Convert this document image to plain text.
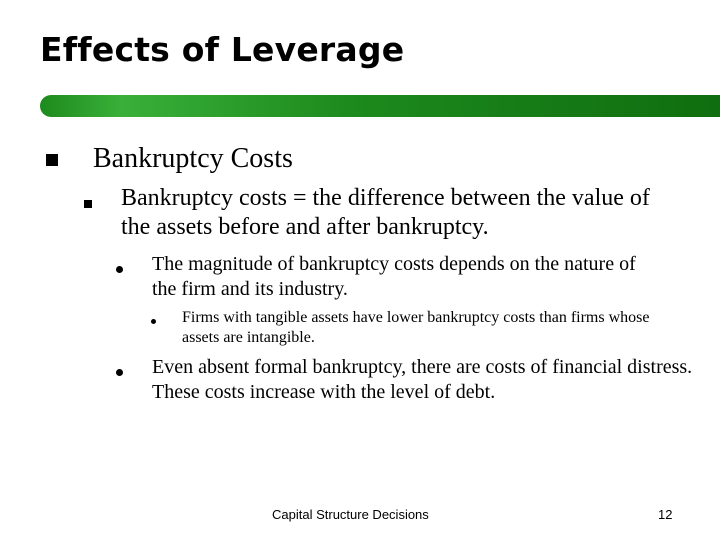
Effects of Leverage
Bankruptcy Costs
Bankruptcy costs = the difference between the value of the assets before and after bankruptcy.
The magnitude of bankruptcy costs depends on the nature of the firm and its industry.
Firms with tangible assets have lower bankruptcy costs than firms whose assets are intangible.
Even absent formal bankruptcy, there are costs of financial distress. These costs increase with the level of debt.
Capital Structure Decisions	12
